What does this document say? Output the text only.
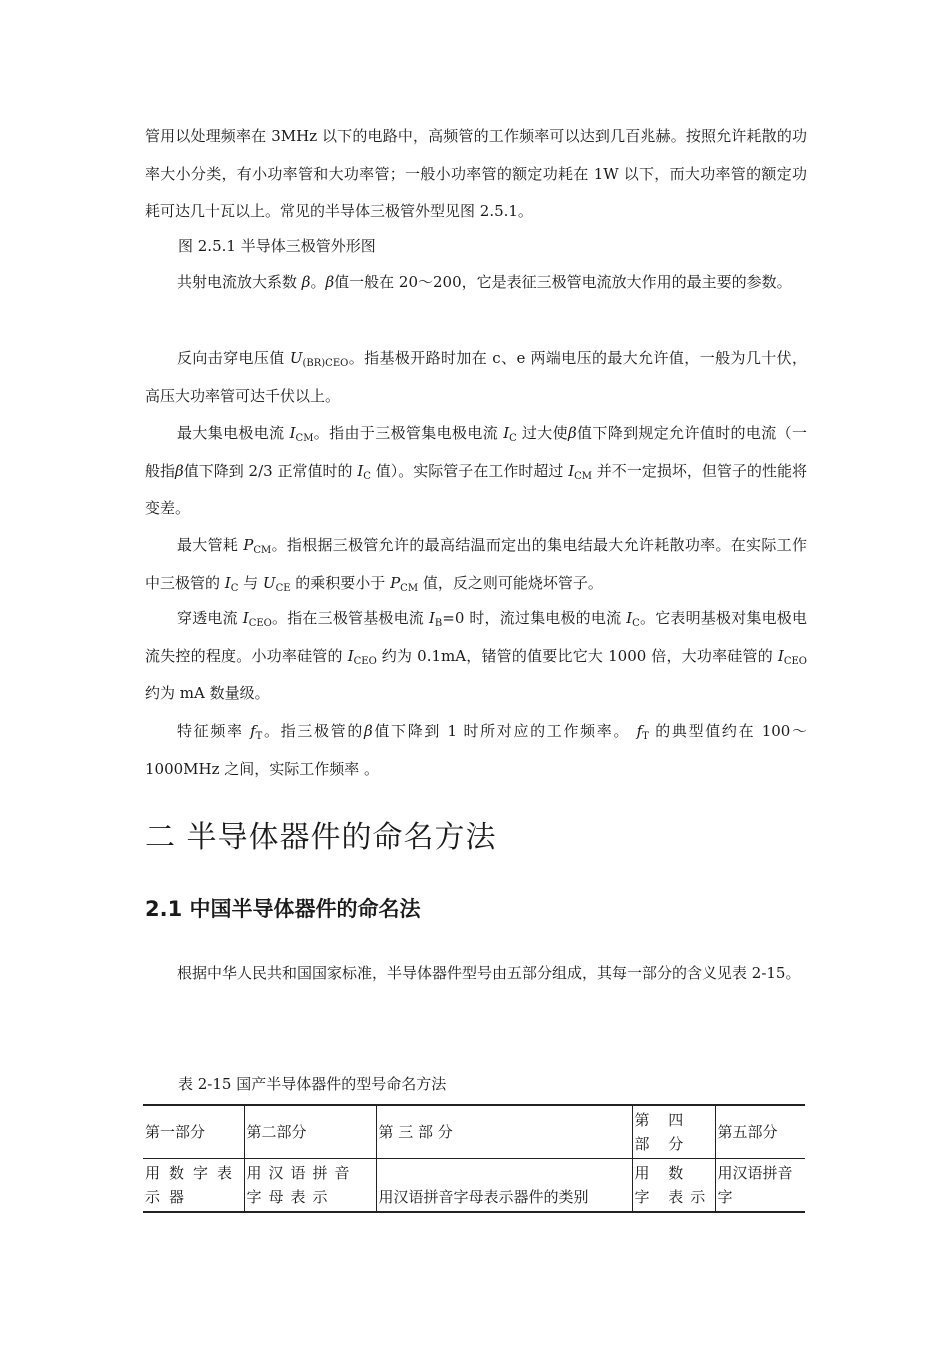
管用以处理频率在 3MHz 以下的电路中，高频管的工作频率可以达到几百兆赫。按照允许耗散的功率大小分类，有小功率管和大功率管；一般小功率管的额定功耗在 1W 以下，而大功率管的额定功耗可达几十瓦以上。常见的半导体三极管外型见图 2.5.1。

图 2.5.1 半导体三极管外形图

共射电流放大系数 β。β值一般在 20～200，它是表征三极管电流放大作用的最主要的参数。

反向击穿电压值 $U_{(BR)CEO}$。指基极开路时加在 c、e 两端电压的最大允许值，一般为几十伏，高压大功率管可达千伏以上。

最大集电极电流 $I_{CM}$。指由于三极管集电极电流 $I_C$ 过大使β值下降到规定允许值时的电流（一般指β值下降到 2/3 正常值时的 $I_C$ 值）。实际管子在工作时超过 $I_{CM}$ 并不一定损坏，但管子的性能将变差。

最大管耗 $P_{CM}$。指根据三极管允许的最高结温而定出的集电结最大允许耗散功率。在实际工作中三极管的 $I_C$ 与 $U_{CE}$ 的乘积要小于 $P_{CM}$ 值，反之则可能烧坏管子。

穿透电流 $I_{CEO}$。指在三极管基极电流 $I_B=0$ 时，流过集电极的电流 $I_C$。它表明基极对集电极电流失控的程度。小功率硅管的 $I_{CEO}$ 约为 0.1mA，锗管的值要比它大 1000 倍，大功率硅管的 $I_{CEO}$ 约为 mA 数量级。

特征频率 $f_T$。指三极管的β值下降到 1 时所对应的工作频率。 $f_T$ 的典型值约在 100～1000MHz 之间，实际工作频率 。

二 半导体器件的命名方法
2.1 中国半导体器件的命名法

根据中华人民共和国国家标准，半导体器件型号由五部分组成，其每一部分的含义见表 2-15。

表 2-15 国产半导体器件的型号命名方法

第一部分	第二部分	第 三 部 分	第 四 部 分	第五部分
用数字表示器	用汉语拼音字母表示	用汉语拼音字母表示器件的类别	用 数 字 表示	用汉语拼音字
